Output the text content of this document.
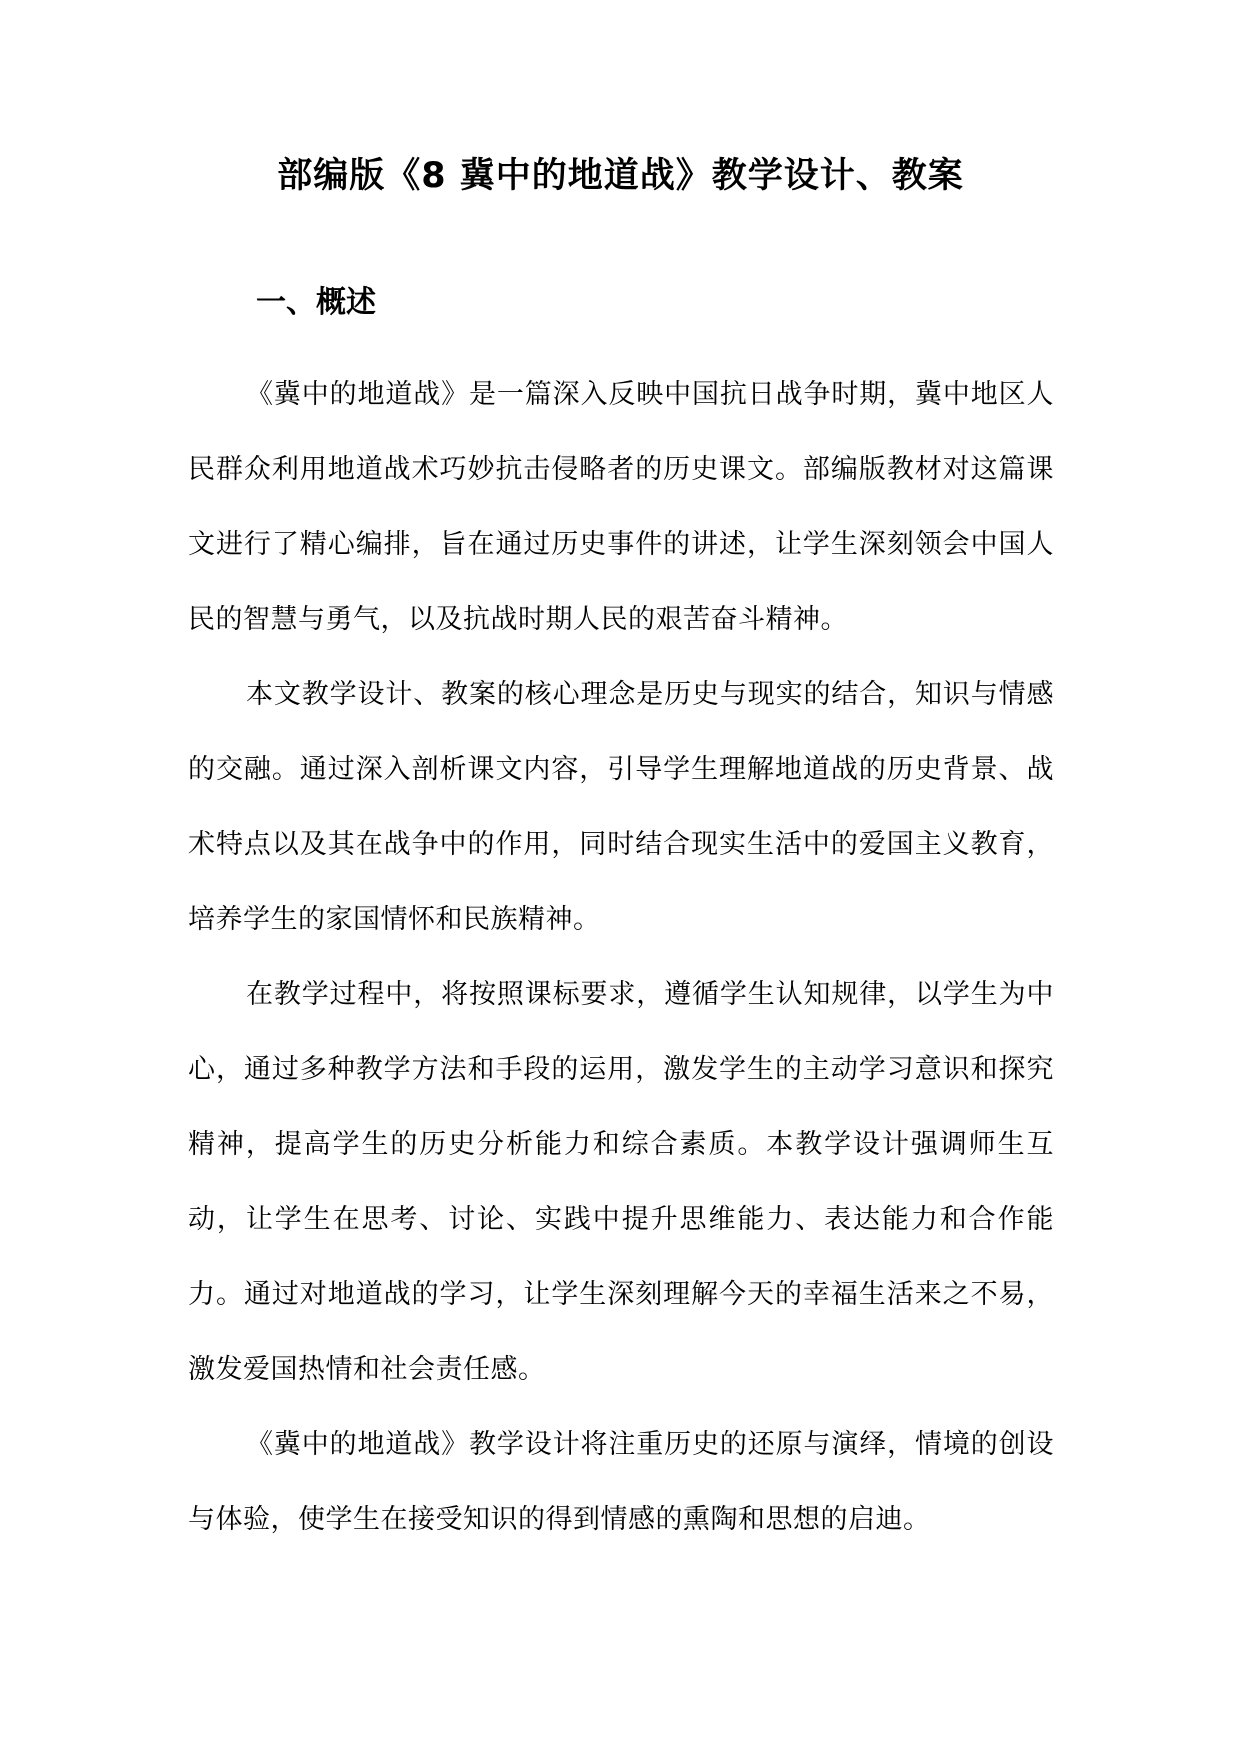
部编版《8 冀中的地道战》教学设计、教案
一、概述

《冀中的地道战》是一篇深入反映中国抗日战争时期，冀中地区人民群众利用地道战术巧妙抗击侵略者的历史课文。部编版教材对这篇课文进行了精心编排，旨在通过历史事件的讲述，让学生深刻领会中国人民的智慧与勇气，以及抗战时期人民的艰苦奋斗精神。

本文教学设计、教案的核心理念是历史与现实的结合，知识与情感的交融。通过深入剖析课文内容，引导学生理解地道战的历史背景、战术特点以及其在战争中的作用，同时结合现实生活中的爱国主义教育，培养学生的家国情怀和民族精神。

在教学过程中，将按照课标要求，遵循学生认知规律，以学生为中心，通过多种教学方法和手段的运用，激发学生的主动学习意识和探究精神，提高学生的历史分析能力和综合素质。本教学设计强调师生互动，让学生在思考、讨论、实践中提升思维能力、表达能力和合作能力。通过对地道战的学习，让学生深刻理解今天的幸福生活来之不易，激发爱国热情和社会责任感。

《冀中的地道战》教学设计将注重历史的还原与演绎，情境的创设与体验，使学生在接受知识的得到情感的熏陶和思想的启迪。
